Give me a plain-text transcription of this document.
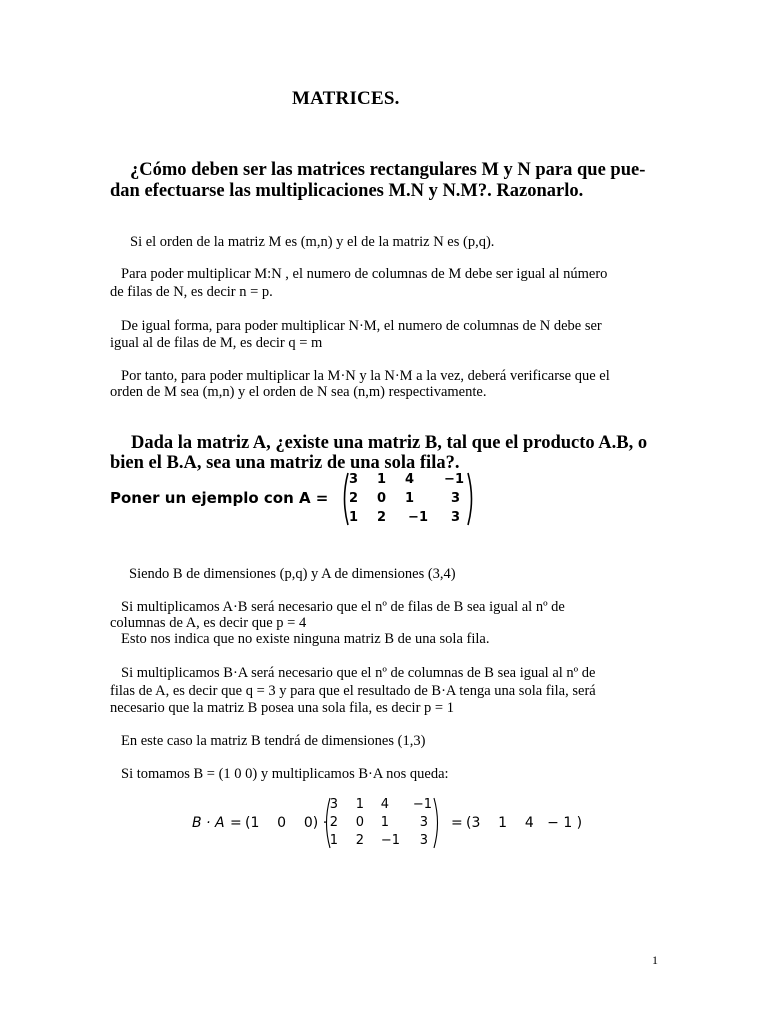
MATRICES.
¿Cómo deben ser las matrices rectangulares M y N para que pue-
dan efectuarse las multiplicaciones M.N y N.M?. Razonarlo.
Si el orden de la matriz M es (m,n) y el de la matriz N es (p,q).
Para poder multiplicar M:N , el numero de columnas de M debe ser igual al número
de filas de N, es decir n = p.
De igual forma, para poder multiplicar N·M, el numero de columnas de N debe ser
igual al de filas de M, es decir q = m
Por tanto, para poder multiplicar la M·N y la N·M a la vez, deberá verificarse que el
orden de M sea (m,n) y el orden de N sea (n,m) respectivamente.
Dada la matriz A, ¿existe una matriz B, tal que el producto A.B, o
bien el B.A, sea una matriz de una sola fila?.
Poner un ejemplo con A =
3	1	4	−1
2	0	1	3
1	2	−1	3
Siendo B de dimensiones (p,q) y A de dimensiones (3,4)
Si multiplicamos A·B será necesario que el nº de filas de B sea igual al nº de
columnas de A, es decir que p = 4
Esto nos indica que no existe ninguna matriz B de una sola fila.
Si multiplicamos B·A será necesario que el nº de columnas de B sea igual al nº de
filas de A, es decir que q = 3 y para que el resultado de B·A tenga una sola fila, será
necesario que la matriz B posea una sola fila, es decir p = 1
En este caso la matriz B tendrá de dimensiones (1,3)
Si tomamos B = (1 0 0) y multiplicamos B·A nos queda:
B · A = (1    0    0) ·
3	1	4	−1
2	0	1	3
1	2	−1	3
= (3    1    4   − 1 )
1
